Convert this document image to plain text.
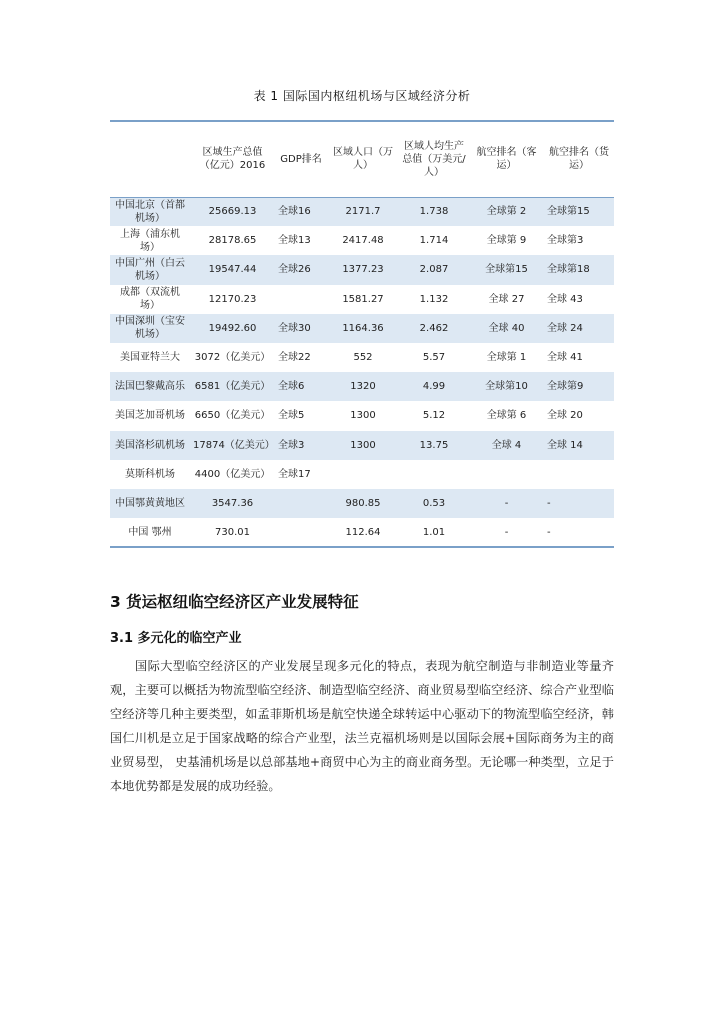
表 1 国际国内枢纽机场与区域经济分析
	区域生产总值（亿元）2016	GDP排名	区域人口（万人）	区域人均生产总值（万美元/人）	航空排名（客运）	航空排名（货运）
中国北京（首都机场）	25669.13	全球16	2171.7	1.738	全球第 2	全球第15
上海（浦东机场）	28178.65	全球13	2417.48	1.714	全球第 9	全球第3
中国广州（白云机场）	19547.44	全球26	1377.23	2.087	全球第15	全球第18
成都（双流机场）	12170.23		1581.27	1.132	全球 27	全球 43
中国深圳（宝安机场）	19492.60	全球30	1164.36	2.462	全球 40	全球 24
美国亚特兰大	3072（亿美元）	全球22	552	5.57	全球第 1	全球 41
法国巴黎戴高乐	6581（亿美元）	全球6	1320	4.99	全球第10	全球第9
美国芝加哥机场	6650（亿美元）	全球5	1300	5.12	全球第 6	全球 20
美国洛杉矶机场	17874（亿美元）	全球3	1300	13.75	全球 4	全球 14
莫斯科机场	4400（亿美元）	全球17				
中国鄂黄黄地区	3547.36		980.85	0.53	-	-
中国 鄂州	730.01		112.64	1.01	-	-
3 货运枢纽临空经济区产业发展特征
3.1 多元化的临空产业
国际大型临空经济区的产业发展呈现多元化的特点，表现为航空制造与非制造业等量齐观，主要可以概括为物流型临空经济、制造型临空经济、商业贸易型临空经济、综合产业型临空经济等几种主要类型，如孟菲斯机场是航空快递全球转运中心驱动下的物流型临空经济，韩国仁川机是立足于国家战略的综合产业型，法兰克福机场则是以国际会展+国际商务为主的商业贸易型， 史基浦机场是以总部基地+商贸中心为主的商业商务型。无论哪一种类型，立足于本地优势都是发展的成功经验。
